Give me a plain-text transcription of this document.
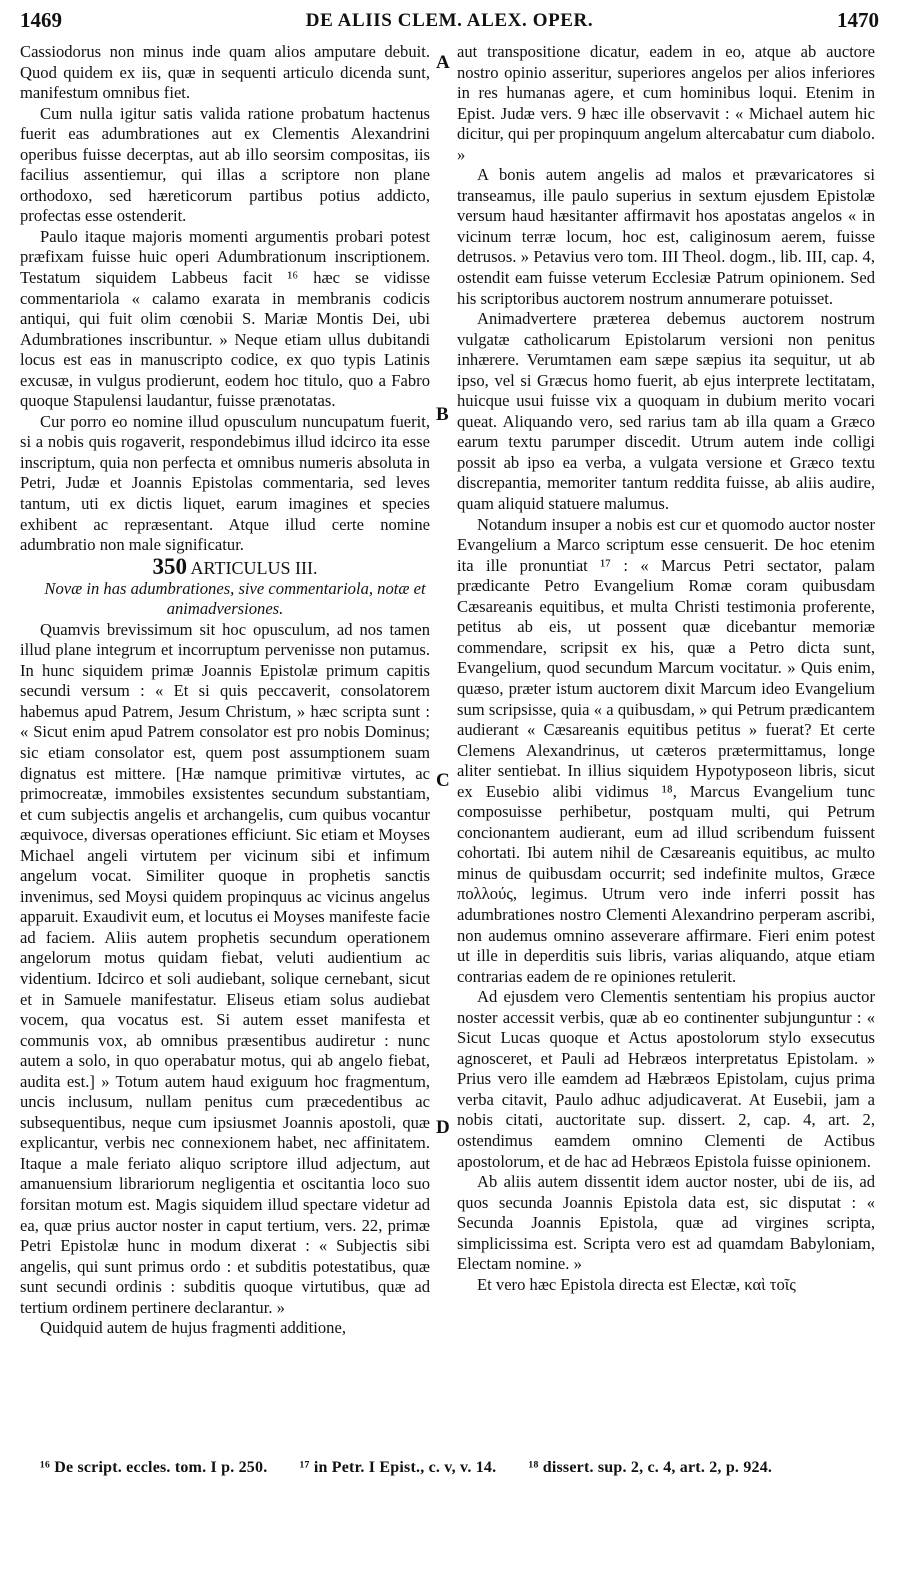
1469	DE ALIIS CLEM. ALEX. OPER.	1470

Cassiodorus non minus inde quam alios amputare debuit. Quod quidem ex iis, quæ in sequenti articulo dicenda sunt, manifestum omnibus fiet.

Cum nulla igitur satis valida ratione probatum hactenus fuerit eas adumbrationes aut ex Clementis Alexandrini operibus fuisse decerptas, aut ab illo seorsim compositas, iis facilius assentiemur, qui illas a scriptore non plane orthodoxo, sed hæreticorum partibus potius addicto, profectas esse ostenderit.

Paulo itaque majoris momenti argumentis probari potest præfixam fuisse huic operi Adumbrationum inscriptionem. Testatum siquidem Labbeus facit ¹⁶ hæc se vidisse commentariola « calamo exarata in membranis codicis antiqui, qui fuit olim cœnobii S. Mariæ Montis Dei, ubi Adumbrationes inscribuntur. » Neque etiam ullus dubitandi locus est eas in manuscripto codice, ex quo typis Latinis excusæ, in vulgus prodierunt, eodem hoc titulo, quo a Fabro quoque Stapulensi laudantur, fuisse prænotatas.

Cur porro eo nomine illud opusculum nuncupatum fuerit, si a nobis quis rogaverit, respondebimus illud idcirco ita esse inscriptum, quia non perfecta et omnibus numeris absoluta in Petri, Judæ et Joannis Epistolas commentaria, sed leves tantum, uti ex dictis liquet, earum imagines et species exhibent ac repræsentant. Atque illud certe nomine adumbratio non male significatur.

350 ARTICULUS III.

Novæ in has adumbrationes, sive commentariola, notæ et animadversiones.

Quamvis brevissimum sit hoc opusculum, ad nos tamen illud plane integrum et incorruptum pervenisse non putamus. In hunc siquidem primæ Joannis Epistolæ primum capitis secundi versum : « Et si quis peccaverit, consolatorem habemus apud Patrem, Jesum Christum, » hæc scripta sunt : « Sicut enim apud Patrem consolator est pro nobis Dominus; sic etiam consolator est, quem post assumptionem suam dignatus est mittere. [Hæ namque primitivæ virtutes, ac primocreatæ, immobiles exsistentes secundum substantiam, et cum subjectis angelis et archangelis, cum quibus vocantur æquivoce, diversas operationes efficiunt. Sic etiam et Moyses Michael angeli virtutem per vicinum sibi et infimum angelum vocat. Similiter quoque in prophetis sanctis invenimus, sed Moysi quidem propinquus ac vicinus angelus apparuit. Exaudivit eum, et locutus ei Moyses manifeste facie ad faciem. Aliis autem prophetis secundum operationem angelorum motus quidam fiebat, veluti audientium ac videntium. Idcirco et soli audiebant, solique cernebant, sicut et in Samuele manifestatur. Eliseus etiam solus audiebat vocem, qua vocatus est. Si autem esset manifesta et communis vox, ab omnibus præsentibus audiretur : nunc autem a solo, in quo operabatur motus, qui ab angelo fiebat, audita est.] » Totum autem haud exiguum hoc fragmentum, uncis inclusum, nullam penitus cum præcedentibus ac subsequentibus, neque cum ipsiusmet Joannis apostoli, quæ explicantur, verbis nec connexionem habet, nec affinitatem. Itaque a male feriato aliquo scriptore illud adjectum, aut amanuensium librariorum negligentia et oscitantia loco suo forsitan motum est. Magis siquidem illud spectare videtur ad ea, quæ prius auctor noster in caput tertium, vers. 22, primæ Petri Epistolæ hunc in modum dixerat : « Subjectis sibi angelis, qui sunt primus ordo : et subditis potestatibus, quæ sunt secundi ordinis : subditis quoque virtutibus, quæ ad tertium ordinem pertinere declarantur. »

Quidquid autem de hujus fragmenti additione,

A
B
C
D

aut transpositione dicatur, eadem in eo, atque ab auctore nostro opinio asseritur, superiores angelos per alios inferiores in res humanas agere, et cum hominibus loqui. Etenim in Epist. Judæ vers. 9 hæc ille observavit : « Michael autem hic dicitur, qui per propinquum angelum altercabatur cum diabolo. »

A bonis autem angelis ad malos et prævaricatores si transeamus, ille paulo superius in sextum ejusdem Epistolæ versum haud hæsitanter affirmavit hos apostatas angelos « in vicinum terræ locum, hoc est, caliginosum aerem, fuisse detrusos. » Petavius vero tom. III Theol. dogm., lib. III, cap. 4, ostendit eam fuisse veterum Ecclesiæ Patrum opinionem. Sed his scriptoribus auctorem nostrum annumerare potuisset.

Animadvertere præterea debemus auctorem nostrum vulgatæ catholicarum Epistolarum versioni non penitus inhærere. Verumtamen eam sæpe sæpius ita sequitur, ut ab ipso, vel si Græcus homo fuerit, ab ejus interprete lectitatam, huicque usui fuisse vix a quoquam in dubium merito vocari queat. Aliquando vero, sed rarius tam ab illa quam a Græco earum textu parumper discedit. Utrum autem inde colligi possit ab ipso ea verba, a vulgata versione et Græco textu discrepantia, memoriter tantum reddita fuisse, ab aliis audire, quam aliquid statuere malumus.

Notandum insuper a nobis est cur et quomodo auctor noster Evangelium a Marco scriptum esse censuerit. De hoc etenim ita ille pronuntiat ¹⁷ : « Marcus Petri sectator, palam prædicante Petro Evangelium Romæ coram quibusdam Cæsareanis equitibus, et multa Christi testimonia proferente, petitus ab eis, ut possent quæ dicebantur memoriæ commendare, scripsit ex his, quæ a Petro dicta sunt, Evangelium, quod secundum Marcum vocitatur. » Quis enim, quæso, præter istum auctorem dixit Marcum ideo Evangelium sum scripsisse, quia « a quibusdam, » qui Petrum prædicantem audierant « Cæsareanis equitibus petitus » fuerat? Et certe Clemens Alexandrinus, ut cæteros prætermittamus, longe aliter sentiebat. In illius siquidem Hypotyposeon libris, sicut ex Eusebio alibi vidimus ¹⁸, Marcus Evangelium tunc composuisse perhibetur, postquam multi, qui Petrum concionantem audierant, eum ad illud scribendum fuissent cohortati. Ibi autem nihil de Cæsareanis equitibus, ac multo minus de quibusdam occurrit; sed indefinite multos, Græce πολλούς, legimus. Utrum vero inde inferri possit has adumbrationes nostro Clementi Alexandrino perperam ascribi, non audemus omnino asseverare affirmare. Fieri enim potest ut ille in deperditis suis libris, varias aliquando, atque etiam contrarias eadem de re opiniones retulerit.

Ad ejusdem vero Clementis sententiam his propius auctor noster accessit verbis, quæ ab eo continenter subjunguntur : « Sicut Lucas quoque et Actus apostolorum stylo exsecutus agnosceret, et Pauli ad Hebræos interpretatus Epistolam. » Prius vero ille eamdem ad Hæbræos Epistolam, cujus prima verba citavit, Paulo adhuc adjudicaverat. At Eusebii, jam a nobis citati, auctoritate sup. dissert. 2, cap. 4, art. 2, ostendimus eamdem omnino Clementi de Actibus apostolorum, et de hac ad Hebræos Epistola fuisse opinionem.

Ab aliis autem dissentit idem auctor noster, ubi de iis, ad quos secunda Joannis Epistola data est, sic disputat : « Secunda Joannis Epistola, quæ ad virgines scripta, simplicissima est. Scripta vero est ad quamdam Babyloniam, Electam nomine. »

Et vero hæc Epistola directa est Electæ, καὶ τοῖς

¹⁶ De script. eccles. tom. I p. 250. ¹⁷ in Petr. I Epist., c. v, v. 14. ¹⁸ dissert. sup. 2, c. 4, art. 2, p. 924.
